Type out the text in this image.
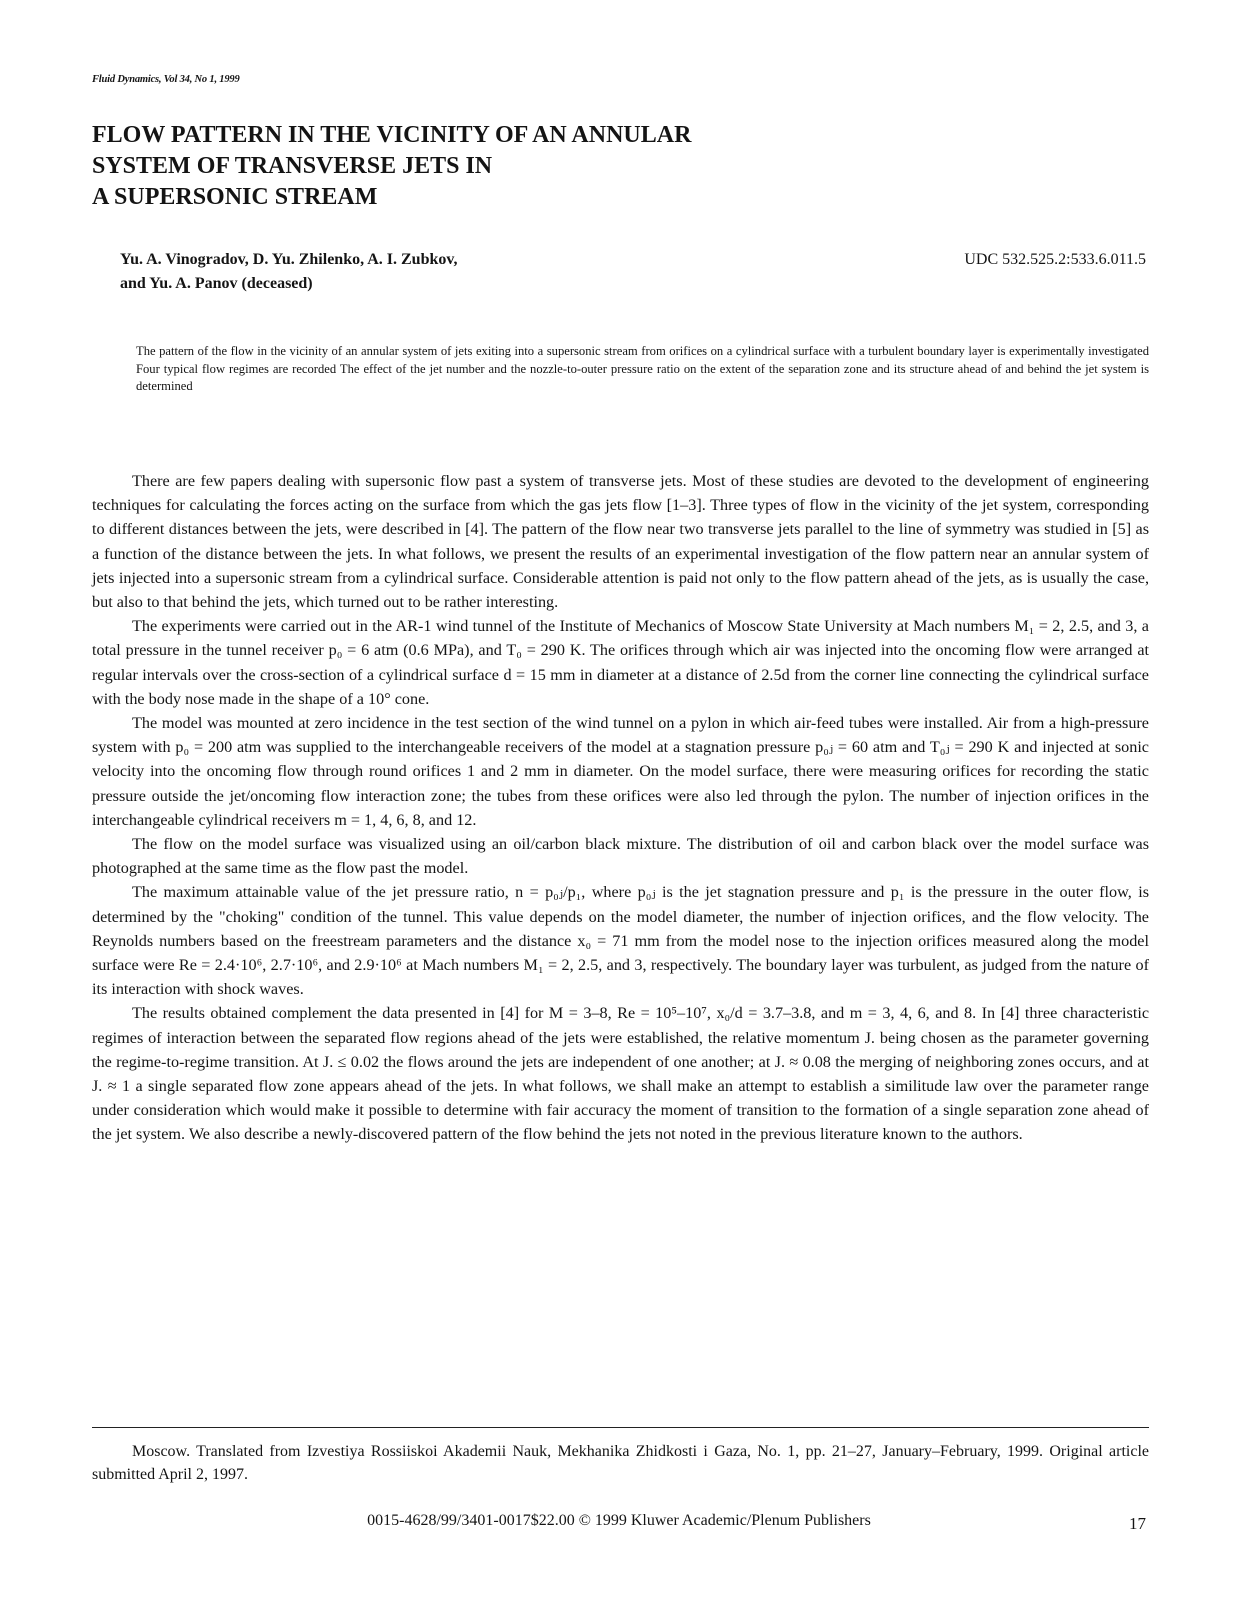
Fluid Dynamics, Vol 34, No 1, 1999
FLOW PATTERN IN THE VICINITY OF AN ANNULAR
SYSTEM OF TRANSVERSE JETS IN
A SUPERSONIC STREAM
Yu. A. Vinogradov, D. Yu. Zhilenko, A. I. Zubkov,
and Yu. A. Panov (deceased)
UDC 532.525.2:533.6.011.5

The pattern of the flow in the vicinity of an annular system of jets exiting into a supersonic stream from orifices on a cylindrical surface with a turbulent boundary layer is experimentally investigated Four typical flow regimes are recorded The effect of the jet number and the nozzle-to-outer pressure ratio on the extent of the separation zone and its structure ahead of and behind the jet system is determined

There are few papers dealing with supersonic flow past a system of transverse jets. Most of these studies are devoted to the development of engineering techniques for calculating the forces acting on the surface from which the gas jets flow [1–3]. Three types of flow in the vicinity of the jet system, corresponding to different distances between the jets, were described in [4]. The pattern of the flow near two transverse jets parallel to the line of symmetry was studied in [5] as a function of the distance between the jets. In what follows, we present the results of an experimental investigation of the flow pattern near an annular system of jets injected into a supersonic stream from a cylindrical surface. Considerable attention is paid not only to the flow pattern ahead of the jets, as is usually the case, but also to that behind the jets, which turned out to be rather interesting.

The experiments were carried out in the AR-1 wind tunnel of the Institute of Mechanics of Moscow State University at Mach numbers M₁ = 2, 2.5, and 3, a total pressure in the tunnel receiver p₀ = 6 atm (0.6 MPa), and T₀ = 290 K. The orifices through which air was injected into the oncoming flow were arranged at regular intervals over the cross-section of a cylindrical surface d = 15 mm in diameter at a distance of 2.5d from the corner line connecting the cylindrical surface with the body nose made in the shape of a 10° cone.

The model was mounted at zero incidence in the test section of the wind tunnel on a pylon in which air-feed tubes were installed. Air from a high-pressure system with p₀ = 200 atm was supplied to the interchangeable receivers of the model at a stagnation pressure p₀ⱼ = 60 atm and T₀ⱼ = 290 K and injected at sonic velocity into the oncoming flow through round orifices 1 and 2 mm in diameter. On the model surface, there were measuring orifices for recording the static pressure outside the jet/oncoming flow interaction zone; the tubes from these orifices were also led through the pylon. The number of injection orifices in the interchangeable cylindrical receivers m = 1, 4, 6, 8, and 12.

The flow on the model surface was visualized using an oil/carbon black mixture. The distribution of oil and carbon black over the model surface was photographed at the same time as the flow past the model.

The maximum attainable value of the jet pressure ratio, n = p₀ⱼ/p₁, where p₀ⱼ is the jet stagnation pressure and p₁ is the pressure in the outer flow, is determined by the "choking" condition of the tunnel. This value depends on the model diameter, the number of injection orifices, and the flow velocity. The Reynolds numbers based on the freestream parameters and the distance x₀ = 71 mm from the model nose to the injection orifices measured along the model surface were Re = 2.4·10⁶, 2.7·10⁶, and 2.9·10⁶ at Mach numbers M₁ = 2, 2.5, and 3, respectively. The boundary layer was turbulent, as judged from the nature of its interaction with shock waves.

The results obtained complement the data presented in [4] for M = 3–8, Re = 10⁵–10⁷, x₀/d = 3.7–3.8, and m = 3, 4, 6, and 8. In [4] three characteristic regimes of interaction between the separated flow regions ahead of the jets were established, the relative momentum J. being chosen as the parameter governing the regime-to-regime transition. At J. ≤ 0.02 the flows around the jets are independent of one another; at J. ≈ 0.08 the merging of neighboring zones occurs, and at J. ≈ 1 a single separated flow zone appears ahead of the jets. In what follows, we shall make an attempt to establish a similitude law over the parameter range under consideration which would make it possible to determine with fair accuracy the moment of transition to the formation of a single separation zone ahead of the jet system. We also describe a newly-discovered pattern of the flow behind the jets not noted in the previous literature known to the authors.

Moscow. Translated from Izvestiya Rossiiskoi Akademii Nauk, Mekhanika Zhidkosti i Gaza, No. 1, pp. 21–27, January–February, 1999. Original article submitted April 2, 1997.

0015-4628/99/3401-0017$22.00 © 1999 Kluwer Academic/Plenum Publishers	17
